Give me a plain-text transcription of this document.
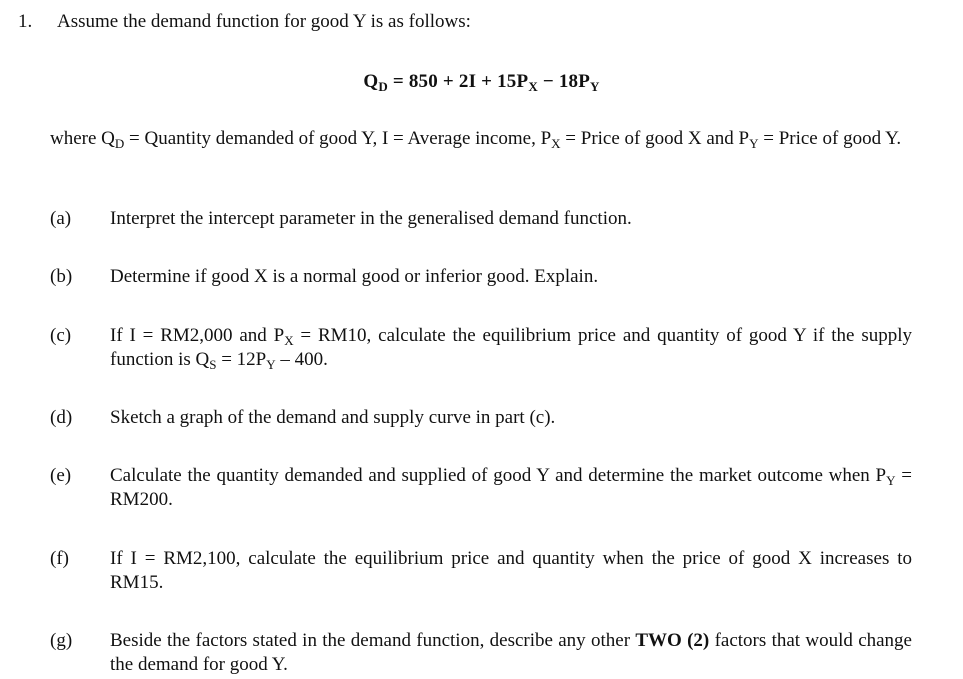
1. Assume the demand function for good Y is as follows:
$Q_D = 850 + 2I + 15P_X - 18P_Y$
where $Q_D$ = Quantity demanded of good Y, I = Average income, $P_X$ = Price of good X and $P_Y$ = Price of good Y.
(a) Interpret the intercept parameter in the generalised demand function.
(b) Determine if good X is a normal good or inferior good. Explain.
(c) If I = RM2,000 and $P_X = RM10$, calculate the equilibrium price and quantity of good Y if the supply function is $Q_S = 12P_Y - 400$.
(d) Sketch a graph of the demand and supply curve in part (c).
(e) Calculate the quantity demanded and supplied of good Y and determine the market outcome when $P_Y = RM200$.
(f) If I = RM2,100, calculate the equilibrium price and quantity when the price of good X increases to RM15.
(g) Beside the factors stated in the demand function, describe any other TWO (2) factors that would change the demand for good Y.
